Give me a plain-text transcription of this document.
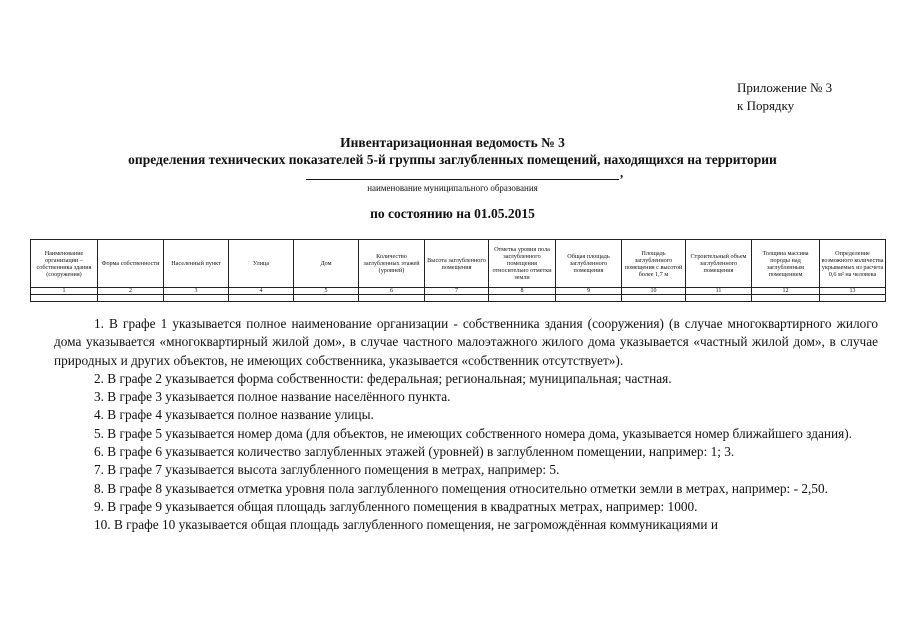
Приложение № 3
к Порядку
Инвентаризационная ведомость № 3
определения технических показателей 5-й группы заглубленных помещений, находящихся на территории
,
наименование муниципального образования
по состоянию на 01.05.2015
Наименование организации – собственника здания (сооружения)	Форма собственности	Населенный пункт	Улица	Дом	Количество заглубленных этажей (уровней)	Высота заглубленного помещения	Отметка уровня пола заглубленного помещения относительно отметки земли	Общая площадь заглубленного помещения	Площадь заглубленного помещения с высотой более 1,7 м	Строительный объем заглубленного помещения	Толщина массива породы над заглубленным помещением	Определение возможного количества укрываемых из расчета 0,6 м² на человека
1	2	3	4	5	6	7	8	9	10	11	12	13

1. В графе 1 указывается полное наименование организации - собственника здания (сооружения) (в случае многоквартирного жилого дома указывается «многоквартирный жилой дом», в случае частного малоэтажного жилого дома указывается «частный жилой дом», в случае природных и других объектов, не имеющих собственника, указывается «собственник отсутствует»).

2. В графе 2 указывается форма собственности: федеральная; региональная; муниципальная; частная.

3. В графе 3 указывается полное название населённого пункта.

4. В графе 4 указывается полное название улицы.

5. В графе 5 указывается номер дома (для объектов, не имеющих собственного номера дома, указывается номер ближайшего здания).

6. В графе 6 указывается количество заглубленных этажей (уровней) в заглубленном помещении, например: 1; 3.

7. В графе 7 указывается высота заглубленного помещения в метрах, например: 5.

8. В графе 8 указывается отметка уровня пола заглубленного помещения относительно отметки земли в метрах, например: - 2,50.

9. В графе 9 указывается общая площадь заглубленного помещения в квадратных метрах, например: 1000.

10. В графе 10 указывается общая площадь заглубленного помещения, не загромождённая коммуникациями и
